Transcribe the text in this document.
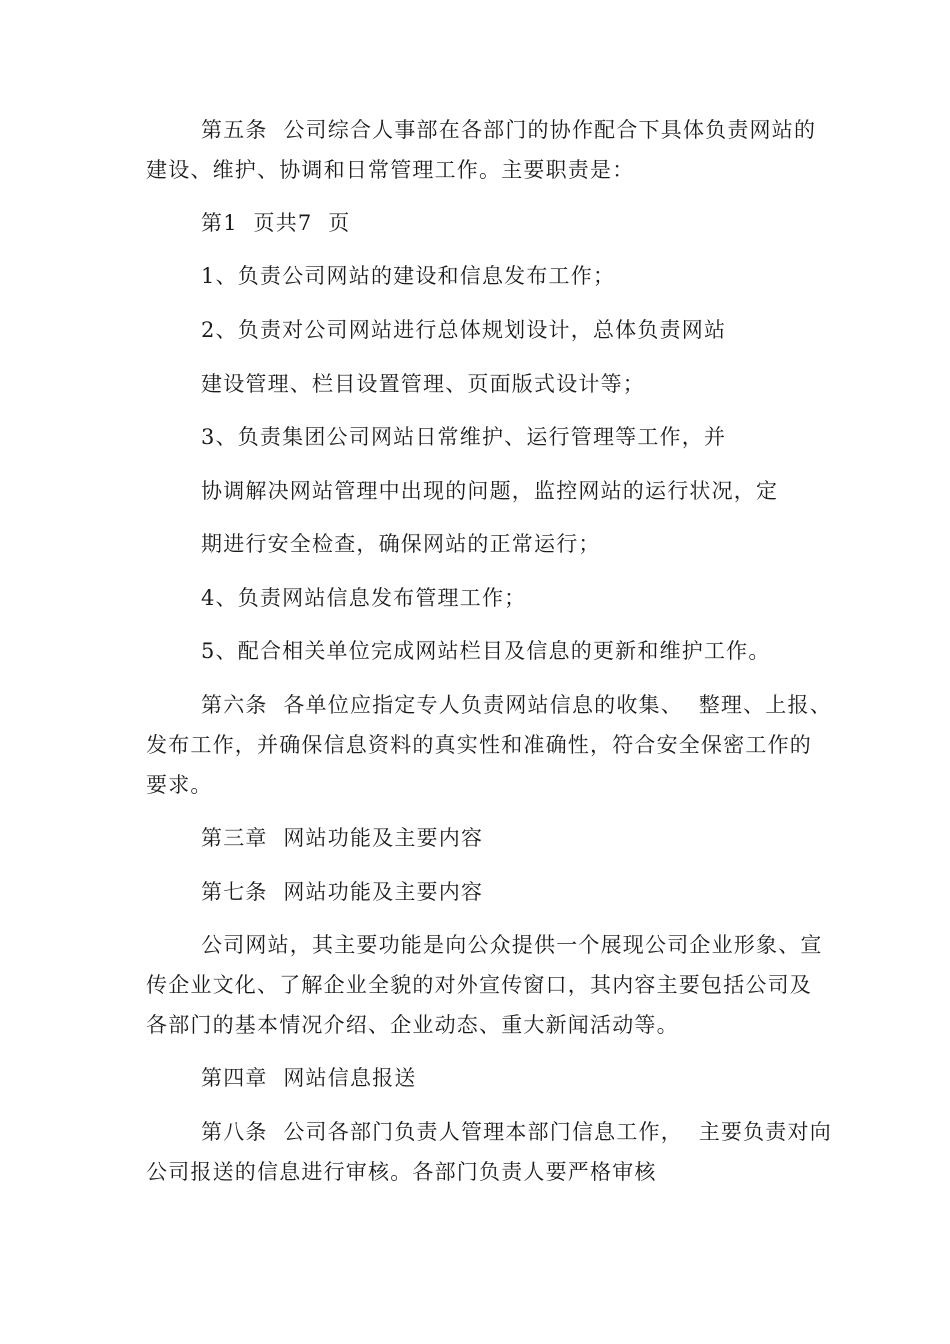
第五条  公司综合人事部在各部门的协作配合下具体负责网站的
建设、维护、协调和日常管理工作。主要职责是：
第1  页共7  页
1、负责公司网站的建设和信息发布工作；
2、负责对公司网站进行总体规划设计，总体负责网站
建设管理、栏目设置管理、页面版式设计等；
3、负责集团公司网站日常维护、运行管理等工作，并
协调解决网站管理中出现的问题，监控网站的运行状况，定
期进行安全检查，确保网站的正常运行；
4、负责网站信息发布管理工作；
5、配合相关单位完成网站栏目及信息的更新和维护工作。
第六条  各单位应指定专人负责网站信息的收集、  整理、上报、
发布工作，并确保信息资料的真实性和准确性，符合安全保密工作的
要求。
第三章  网站功能及主要内容
第七条  网站功能及主要内容
公司网站，其主要功能是向公众提供一个展现公司企业形象、宣
传企业文化、了解企业全貌的对外宣传窗口，其内容主要包括公司及
各部门的基本情况介绍、企业动态、重大新闻活动等。
第四章  网站信息报送
第八条  公司各部门负责人管理本部门信息工作，  主要负责对向
公司报送的信息进行审核。各部门负责人要严格审核
